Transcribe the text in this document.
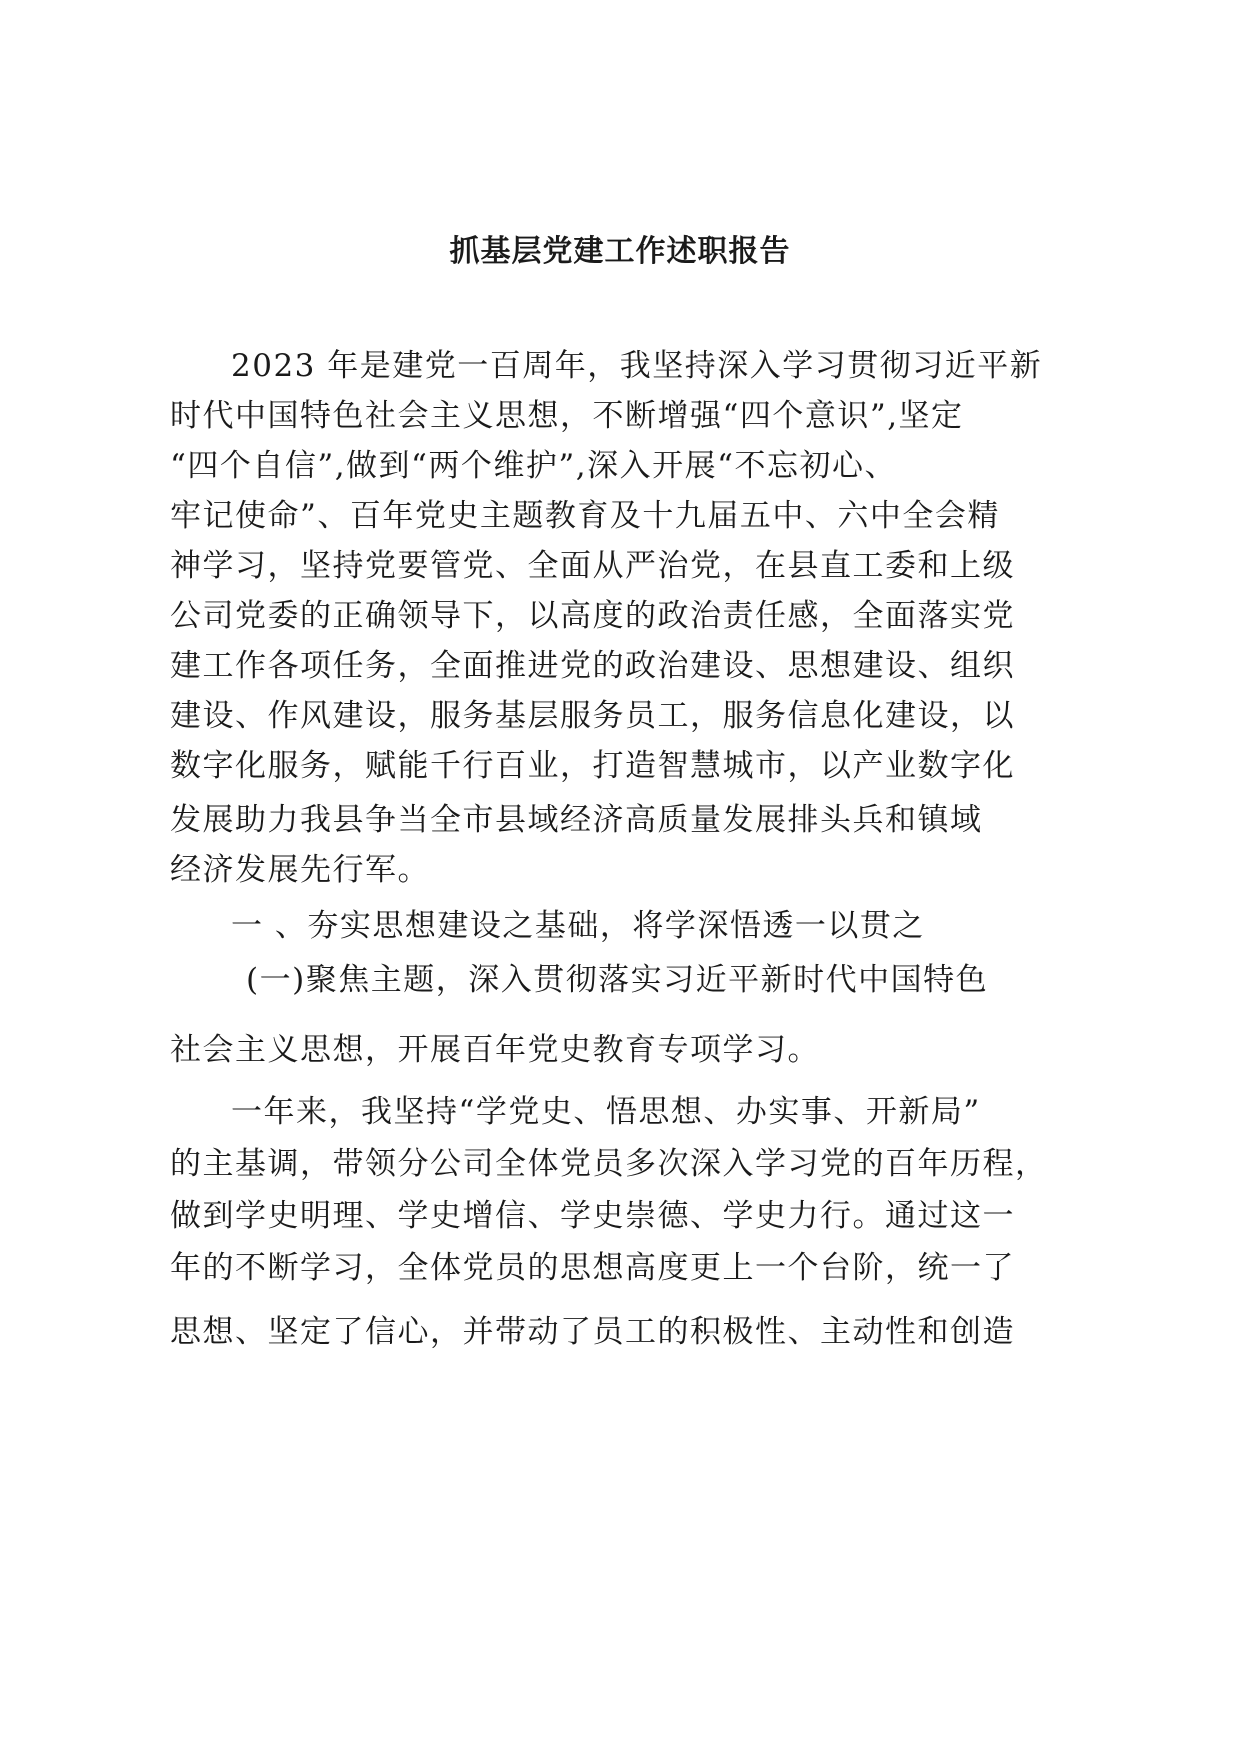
抓基层党建工作述职报告
2023 年是建党一百周年，我坚持深入学习贯彻习近平新
时代中国特色社会主义思想，不断增强“四个意识”,坚定
“四个自信”,做到“两个维护”,深入开展“不忘初心、
牢记使命”、百年党史主题教育及十九届五中、六中全会精
神学习，坚持党要管党、全面从严治党，在县直工委和上级
公司党委的正确领导下，以高度的政治责任感，全面落实党
建工作各项任务，全面推进党的政治建设、思想建设、组织
建设、作风建设，服务基层服务员工，服务信息化建设，以
数字化服务，赋能千行百业，打造智慧城市，以产业数字化
发展助力我县争当全市县域经济高质量发展排头兵和镇域
经济发展先行军。
一 、夯实思想建设之基础，将学深悟透一以贯之
(一)聚焦主题，深入贯彻落实习近平新时代中国特色
社会主义思想，开展百年党史教育专项学习。
一年来，我坚持“学党史、悟思想、办实事、开新局”
的主基调，带领分公司全体党员多次深入学习党的百年历程，
做到学史明理、学史增信、学史崇德、学史力行。通过这一
年的不断学习，全体党员的思想高度更上一个台阶，统一了
思想、坚定了信心，并带动了员工的积极性、主动性和创造
